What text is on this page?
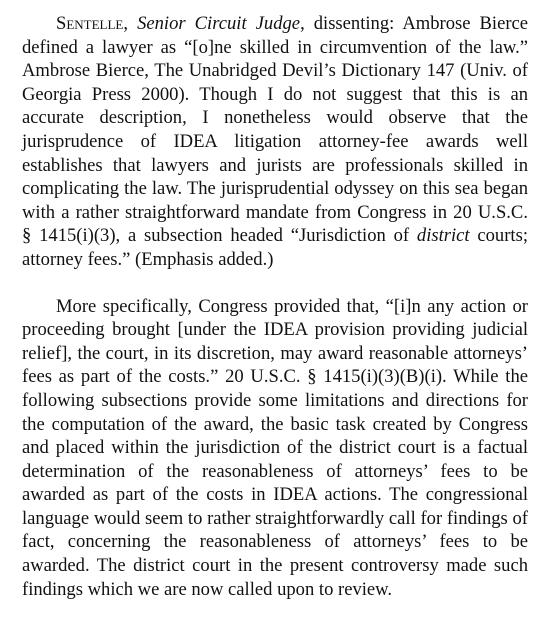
Sentelle, Senior Circuit Judge, dissenting: Ambrose Bierce defined a lawyer as “[o]ne skilled in circumvention of the law.” Ambrose Bierce, The Unabridged Devil’s Dictionary 147 (Univ. of Georgia Press 2000). Though I do not suggest that this is an accurate description, I nonetheless would observe that the jurisprudence of IDEA litigation attorney-fee awards well establishes that lawyers and jurists are professionals skilled in complicating the law. The jurisprudential odyssey on this sea began with a rather straightforward mandate from Congress in 20 U.S.C. § 1415(i)(3), a subsection headed “Jurisdiction of district courts; attorney fees.” (Emphasis added.)

More specifically, Congress provided that, “[i]n any action or proceeding brought [under the IDEA provision providing judicial relief], the court, in its discretion, may award reasonable attorneys’ fees as part of the costs.” 20 U.S.C. § 1415(i)(3)(B)(i). While the following subsections provide some limitations and directions for the computation of the award, the basic task created by Congress and placed within the jurisdiction of the district court is a factual determination of the reasonableness of attorneys’ fees to be awarded as part of the costs in IDEA actions. The congressional language would seem to rather straightforwardly call for findings of fact, concerning the reasonableness of attorneys’ fees to be awarded. The district court in the present controversy made such findings which we are now called upon to review.
